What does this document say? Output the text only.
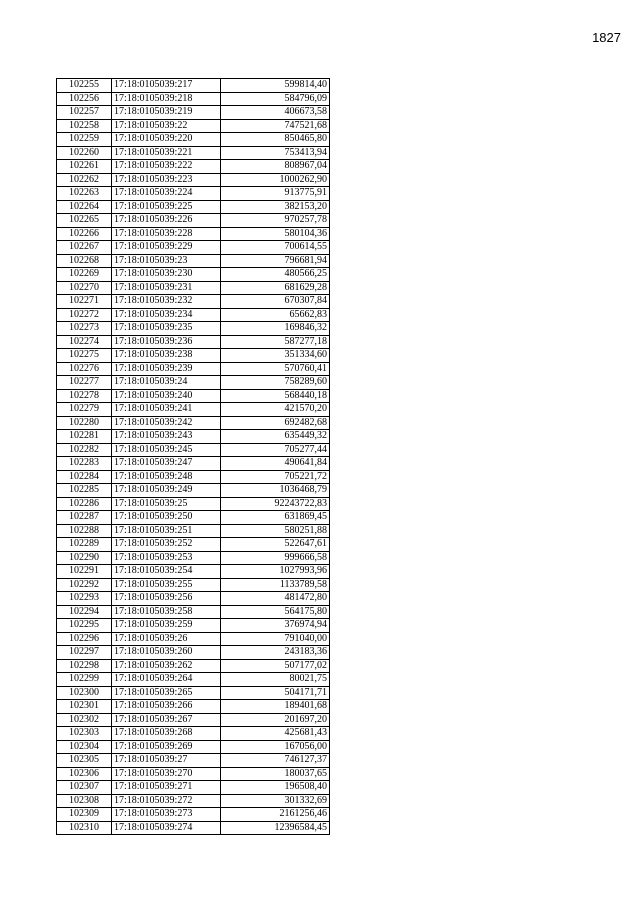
1827
102255	17:18:0105039:217	599814,40
102256	17:18:0105039:218	584796,09
102257	17:18:0105039:219	406673,58
102258	17:18:0105039:22	747521,68
102259	17:18:0105039:220	850465,80
102260	17:18:0105039:221	753413,94
102261	17:18:0105039:222	808967,04
102262	17:18:0105039:223	1000262,90
102263	17:18:0105039:224	913775,91
102264	17:18:0105039:225	382153,20
102265	17:18:0105039:226	970257,78
102266	17:18:0105039:228	580104,36
102267	17:18:0105039:229	700614,55
102268	17:18:0105039:23	796681,94
102269	17:18:0105039:230	480566,25
102270	17:18:0105039:231	681629,28
102271	17:18:0105039:232	670307,84
102272	17:18:0105039:234	65662,83
102273	17:18:0105039:235	169846,32
102274	17:18:0105039:236	587277,18
102275	17:18:0105039:238	351334,60
102276	17:18:0105039:239	570760,41
102277	17:18:0105039:24	758289,60
102278	17:18:0105039:240	568440,18
102279	17:18:0105039:241	421570,20
102280	17:18:0105039:242	692482,68
102281	17:18:0105039:243	635449,32
102282	17:18:0105039:245	705277,44
102283	17:18:0105039:247	490641,84
102284	17:18:0105039:248	705221,72
102285	17:18:0105039:249	1036468,79
102286	17:18:0105039:25	92243722,83
102287	17:18:0105039:250	631869,45
102288	17:18:0105039:251	580251,88
102289	17:18:0105039:252	522647,61
102290	17:18:0105039:253	999666,58
102291	17:18:0105039:254	1027993,96
102292	17:18:0105039:255	1133789,58
102293	17:18:0105039:256	481472,80
102294	17:18:0105039:258	564175,80
102295	17:18:0105039:259	376974,94
102296	17:18:0105039:26	791040,00
102297	17:18:0105039:260	243183,36
102298	17:18:0105039:262	507177,02
102299	17:18:0105039:264	80021,75
102300	17:18:0105039:265	504171,71
102301	17:18:0105039:266	189401,68
102302	17:18:0105039:267	201697,20
102303	17:18:0105039:268	425681,43
102304	17:18:0105039:269	167056,00
102305	17:18:0105039:27	746127,37
102306	17:18:0105039:270	180037,65
102307	17:18:0105039:271	196508,40
102308	17:18:0105039:272	301332,69
102309	17:18:0105039:273	2161256,46
102310	17:18:0105039:274	12396584,45
